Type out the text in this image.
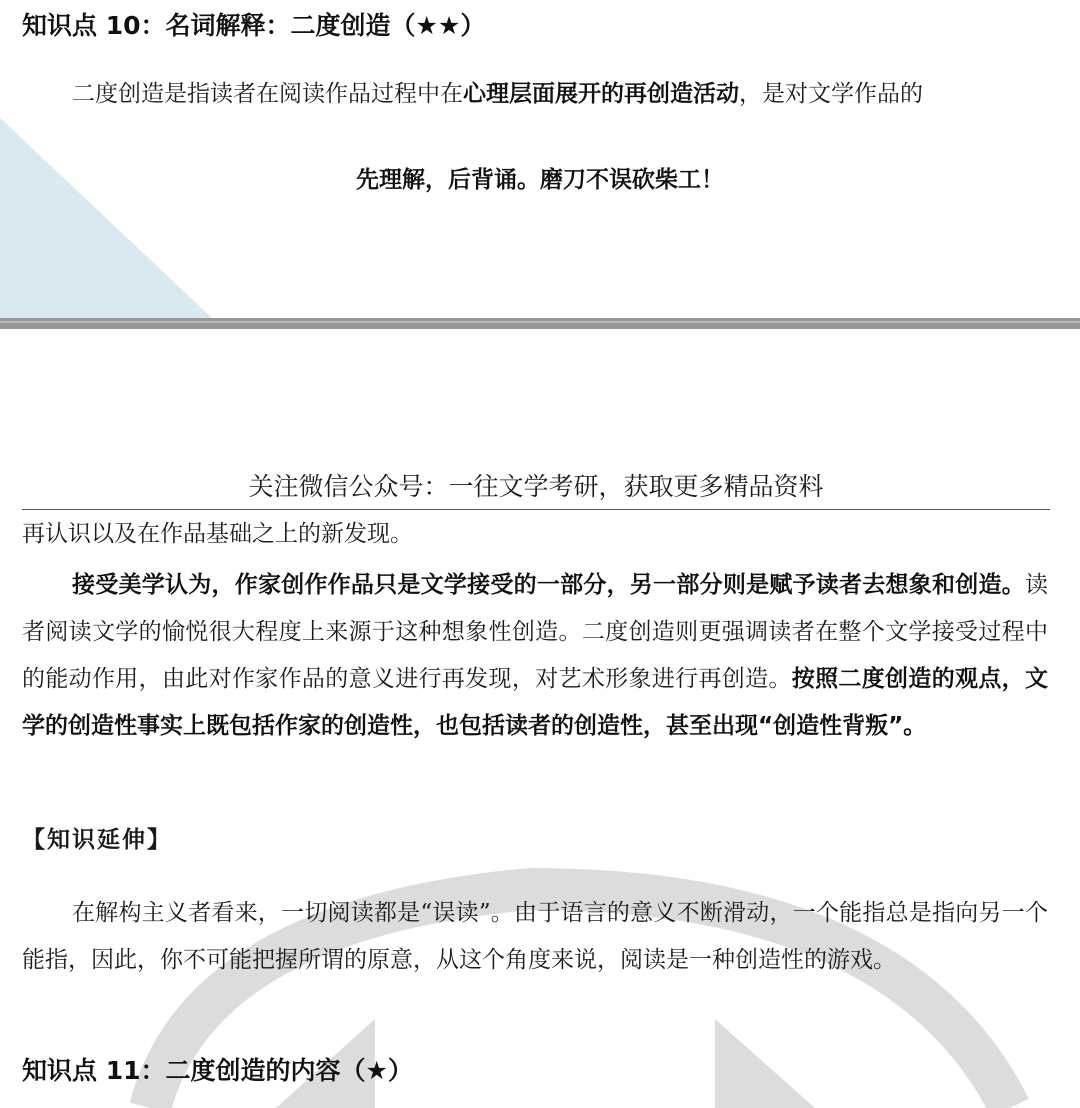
知识点 10：名词解释：二度创造（★★）
二度创造是指读者在阅读作品过程中在心理层面展开的再创造活动，是对文学作品的
先理解，后背诵。磨刀不误砍柴工！
关注微信公众号：一往文学考研，获取更多精品资料
再认识以及在作品基础之上的新发现。
接受美学认为，作家创作作品只是文学接受的一部分，另一部分则是赋予读者去想象和创造。读者阅读文学的愉悦很大程度上来源于这种想象性创造。二度创造则更强调读者在整个文学接受过程中的能动作用，由此对作家作品的意义进行再发现，对艺术形象进行再创造。按照二度创造的观点，文学的创造性事实上既包括作家的创造性，也包括读者的创造性，甚至出现“创造性背叛”。
【知识延伸】
在解构主义者看来，一切阅读都是“误读”。由于语言的意义不断滑动，一个能指总是指向另一个能指，因此，你不可能把握所谓的原意，从这个角度来说，阅读是一种创造性的游戏。
知识点 11：二度创造的内容（★）
